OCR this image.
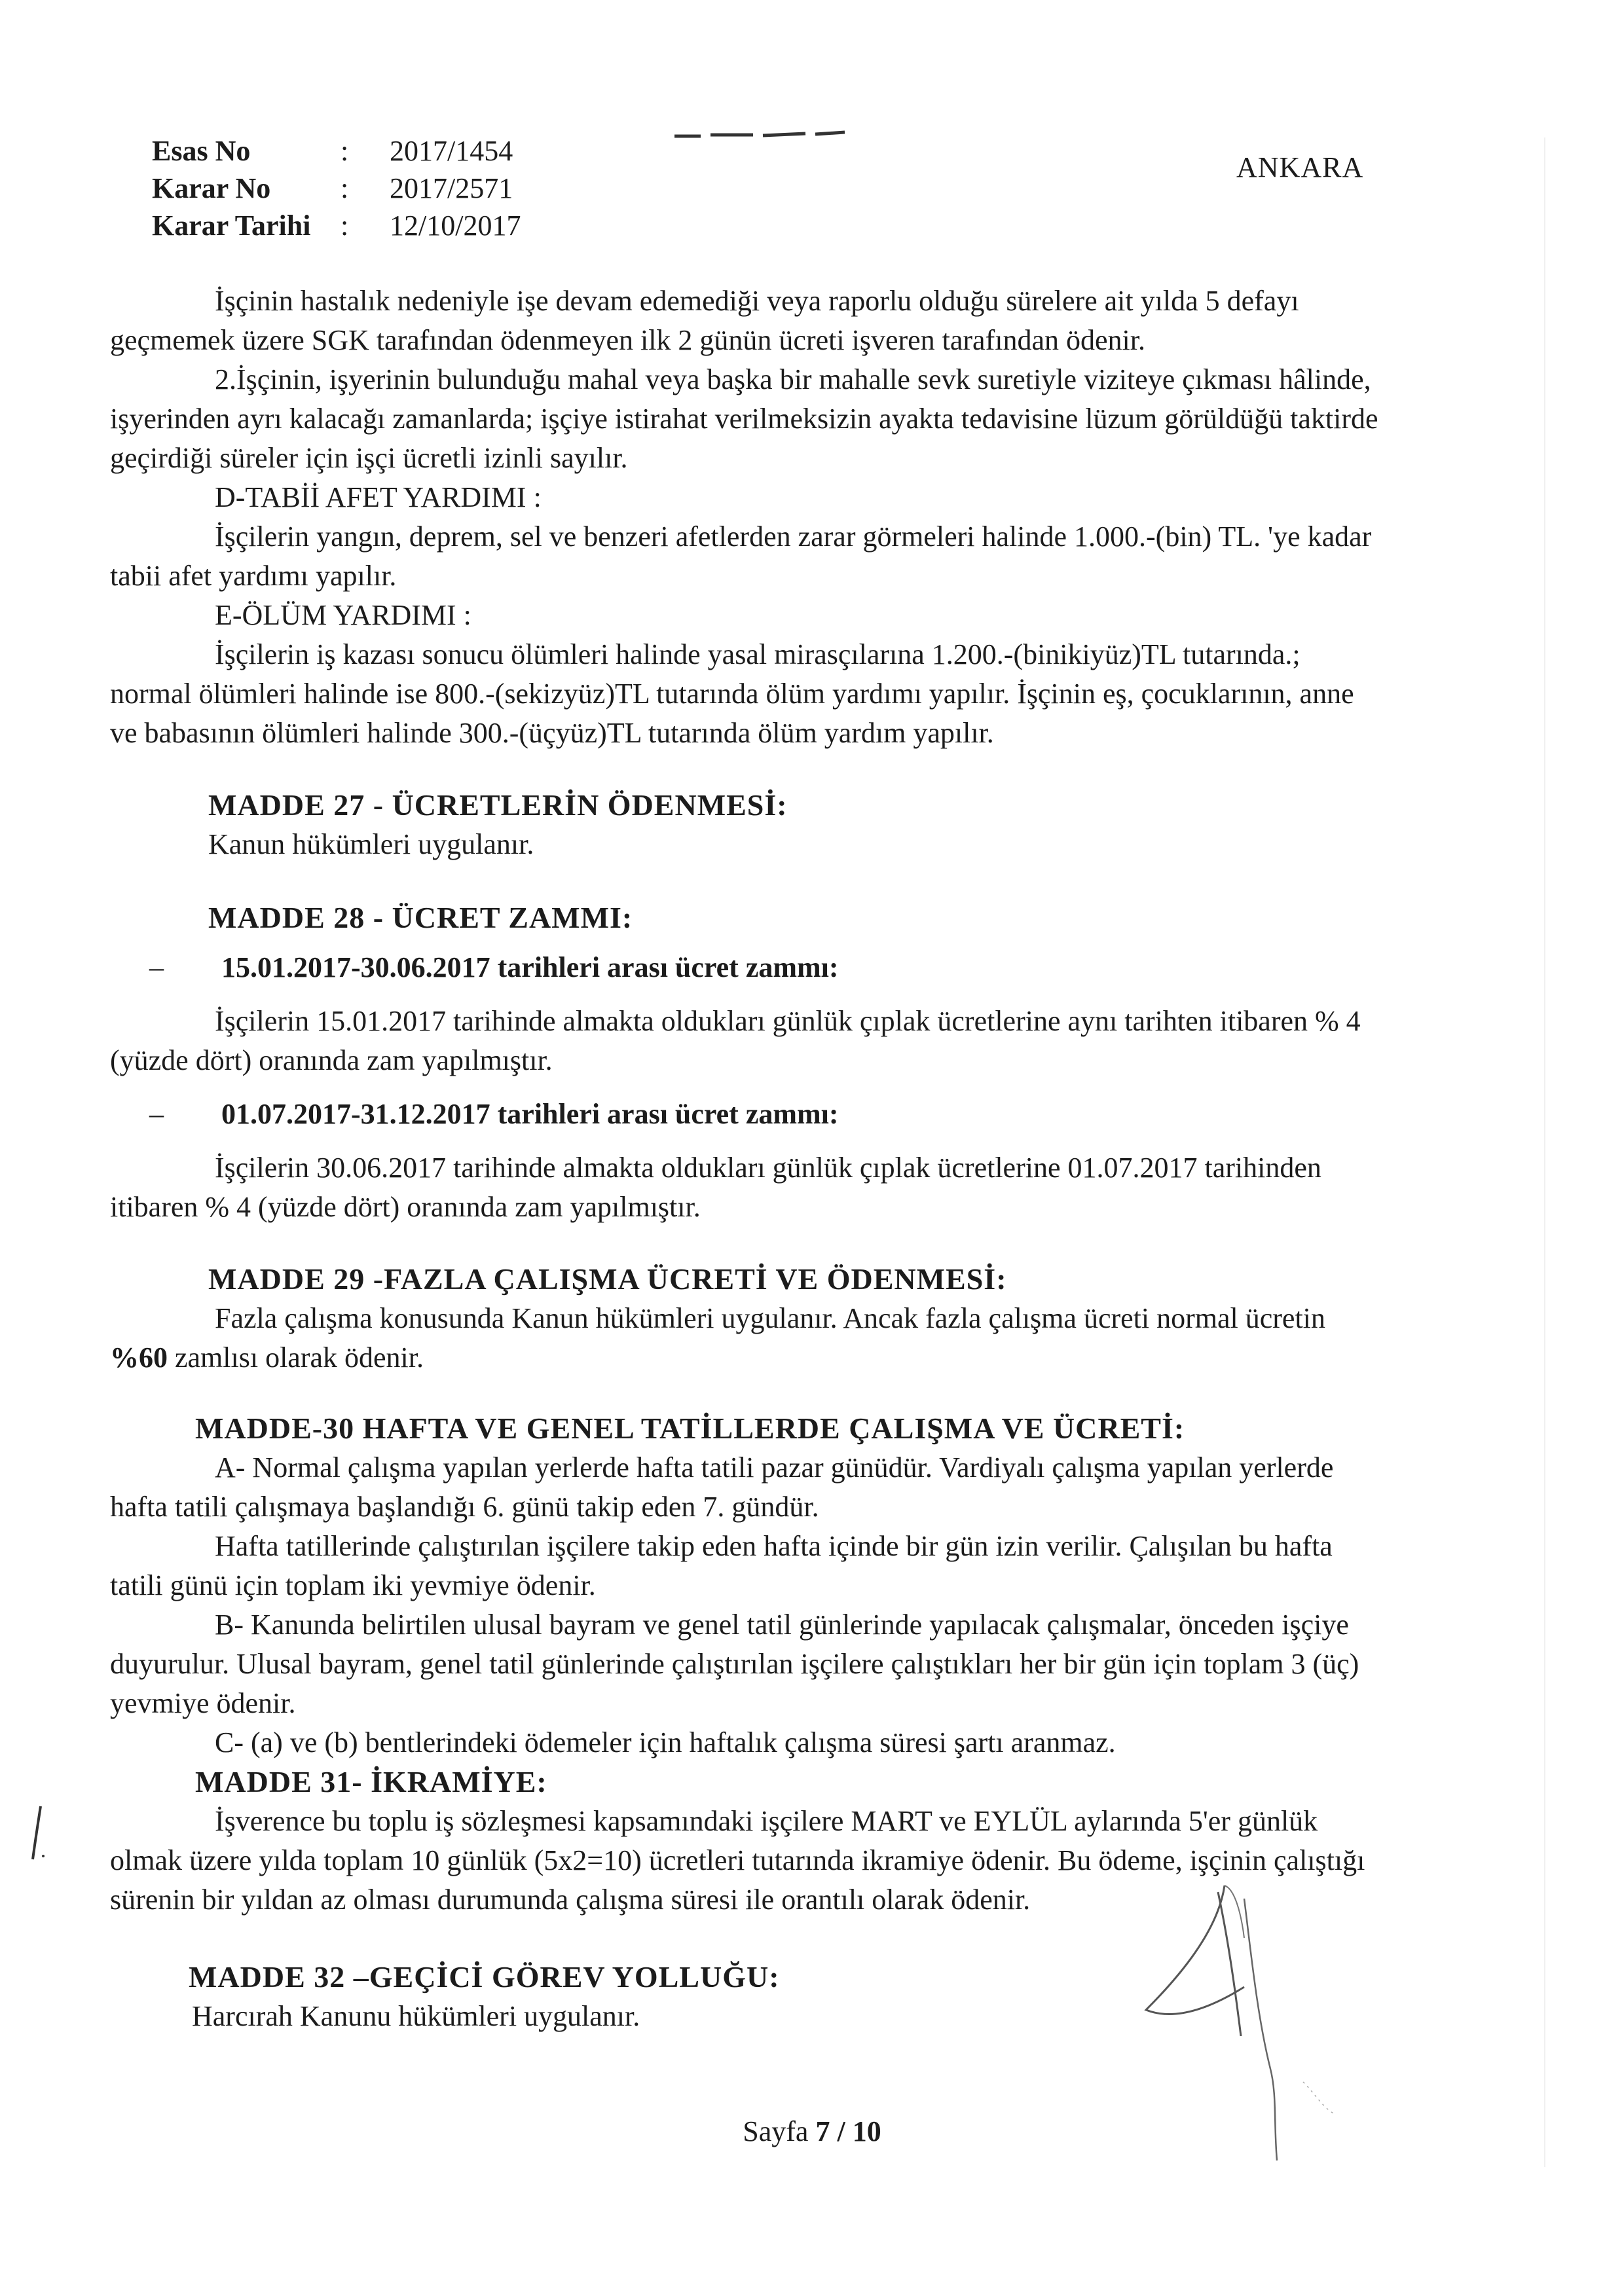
Esas No	: 2017/1454
Karar No : 2017/2571
Karar Tarihi : 12/10/2017
ANKARA

İşçinin hastalık nedeniyle işe devam edemediği veya raporlu olduğu sürelere ait yılda 5 defayı geçmemek üzere SGK tarafından ödenmeyen ilk 2 günün ücreti işveren tarafından ödenir.

2.İşçinin, işyerinin bulunduğu mahal veya başka bir mahalle sevk suretiyle viziteye çıkması hâlinde, işyerinden ayrı kalacağı zamanlarda; işçiye istirahat verilmeksizin ayakta tedavisine lüzum görüldüğü taktirde geçirdiği süreler için işçi ücretli izinli sayılır.

D-TABİİ AFET YARDIMI :

İşçilerin yangın, deprem, sel ve benzeri afetlerden zarar görmeleri halinde 1.000.-(bin) TL. 'ye kadar tabii afet yardımı yapılır.

E-ÖLÜM YARDIMI :

İşçilerin iş kazası sonucu ölümleri halinde yasal mirasçılarına 1.200.-(binikiyüz)TL tutarında.; normal ölümleri halinde ise 800.-(sekizyüz)TL tutarında ölüm yardımı yapılır. İşçinin eş, çocuklarının, anne ve babasının ölümleri halinde 300.-(üçyüz)TL tutarında ölüm yardım yapılır.

MADDE 27 - ÜCRETLERİN ÖDENMESİ:

Kanun hükümleri uygulanır.

MADDE 28 - ÜCRET ZAMMI:

–	15.01.2017-30.06.2017 tarihleri arası ücret zammı:

İşçilerin 15.01.2017 tarihinde almakta oldukları günlük çıplak ücretlerine aynı tarihten itibaren % 4 (yüzde dört) oranında zam yapılmıştır.

–	01.07.2017-31.12.2017 tarihleri arası ücret zammı:

İşçilerin 30.06.2017 tarihinde almakta oldukları günlük çıplak ücretlerine 01.07.2017 tarihinden itibaren % 4 (yüzde dört) oranında zam yapılmıştır.

MADDE 29 -FAZLA ÇALIŞMA ÜCRETİ VE ÖDENMESİ:

Fazla çalışma konusunda Kanun hükümleri uygulanır. Ancak fazla çalışma ücreti normal ücretin %60 zamlısı olarak ödenir.

MADDE-30 HAFTA VE GENEL TATİLLERDE ÇALIŞMA VE ÜCRETİ:

A- Normal çalışma yapılan yerlerde hafta tatili pazar günüdür. Vardiyalı çalışma yapılan yerlerde hafta tatili çalışmaya başlandığı 6. günü takip eden 7. gündür.

Hafta tatillerinde çalıştırılan işçilere takip eden hafta içinde bir gün izin verilir. Çalışılan bu hafta tatili günü için toplam iki yevmiye ödenir.

B- Kanunda belirtilen ulusal bayram ve genel tatil günlerinde yapılacak çalışmalar, önceden işçiye duyurulur. Ulusal bayram, genel tatil günlerinde çalıştırılan işçilere çalıştıkları her bir gün için toplam 3 (üç) yevmiye ödenir.

C- (a) ve (b) bentlerindeki ödemeler için haftalık çalışma süresi şartı aranmaz.

MADDE 31- İKRAMİYE:

İşverence bu toplu iş sözleşmesi kapsamındaki işçilere MART ve EYLÜL aylarında 5'er günlük olmak üzere yılda toplam 10 günlük (5x2=10) ücretleri tutarında ikramiye ödenir. Bu ödeme, işçinin çalıştığı sürenin bir yıldan az olması durumunda çalışma süresi ile orantılı olarak ödenir.

MADDE 32 –GEÇİCİ GÖREV YOLLUĞU:

Harcırah Kanunu hükümleri uygulanır.

Sayfa 7 / 10
